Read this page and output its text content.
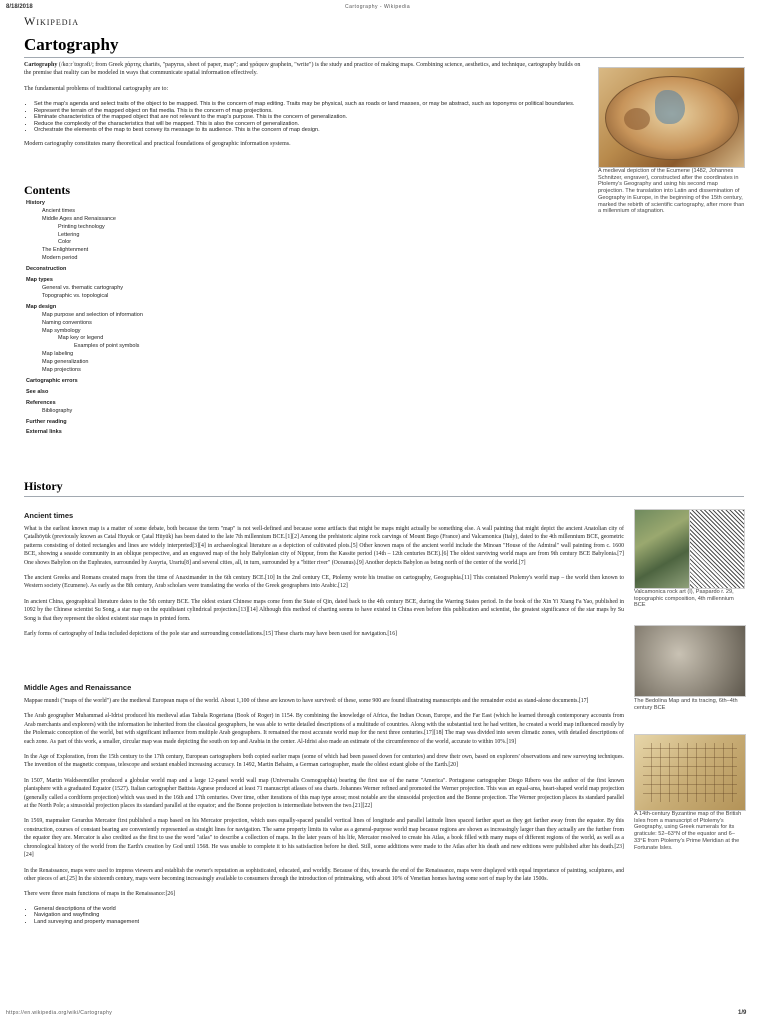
8/18/2018	Cartography - Wikipedia
Wikipedia
Cartography

Cartography (/kɑːrˈtɒɡrəfi/; from Greek χάρτης chartēs, "papyrus, sheet of paper, map"; and γράφειν graphein, "write") is the study and practice of making maps. Combining science, aesthetics, and technique, cartography builds on the premise that reality can be modeled in ways that communicate spatial information effectively.

The fundamental problems of traditional cartography are to:

• Set the map's agenda and select traits of the object to be mapped. This is the concern of map editing. Traits may be physical, such as roads or land masses, or may be abstract, such as toponyms or political boundaries.
• Represent the terrain of the mapped object on flat media. This is the concern of map projections.
• Eliminate characteristics of the mapped object that are not relevant to the map's purpose. This is the concern of generalization.
• Reduce the complexity of the characteristics that will be mapped. This is also the concern of generalization.
• Orchestrate the elements of the map to best convey its message to its audience. This is the concern of map design.

Modern cartography constitutes many theoretical and practical foundations of geographic information systems.

A medieval depiction of the Ecumene (1482, Johannes Schnitzer, engraver), constructed after the coordinates in Ptolemy's Geography and using his second map projection. The translation into Latin and dissemination of Geography in Europe, in the beginning of the 15th century, marked the rebirth of scientific cartography, after more than a millennium of stagnation.
Contents
History
Ancient times
Middle Ages and Renaissance
Printing technology
Lettering
Color
The Enlightenment
Modern period
Deconstruction
Map types
General vs. thematic cartography
Topographic vs. topological
Map design
Map purpose and selection of information
Naming conventions
Map symbology
Map key or legend
Examples of point symbols
Map labeling
Map generalization
Map projections
Cartographic errors
See also
References
Bibliography
Further reading
External links
History
Ancient times

What is the earliest known map is a matter of some debate, both because the term "map" is not well-defined and because some artifacts that might be maps might actually be something else. A wall painting that might depict the ancient Anatolian city of Çatalhöyük (previously known as Catal Huyuk or Çatal Hüyük) has been dated to the late 7th millennium BCE.[1][2] Among the prehistoric alpine rock carvings of Mount Bego (France) and Valcamonica (Italy), dated to the 4th millennium BCE, geometric patterns consisting of dotted rectangles and lines are widely interpreted[3][4] in archaeological literature as a depiction of cultivated plots.[5] Other known maps of the ancient world include the Minoan "House of the Admiral" wall painting from c. 1600 BCE, showing a seaside community in an oblique perspective, and an engraved map of the holy Babylonian city of Nippur, from the Kassite period (14th – 12th centuries BCE).[6] The oldest surviving world maps are from 9th century BCE Babylonia.[7] One shows Babylon on the Euphrates, surrounded by Assyria, Urartu[8] and several cities, all, in turn, surrounded by a "bitter river" (Oceanus).[9] Another depicts Babylon as being north of the center of the world.[7]

The ancient Greeks and Romans created maps from the time of Anaximander in the 6th century BCE.[10] In the 2nd century CE, Ptolemy wrote his treatise on cartography, Geographia.[11] This contained Ptolemy's world map – the world then known to Western society (Ecumene). As early as the 8th century, Arab scholars were translating the works of the Greek geographers into Arabic.[12]

In ancient China, geographical literature dates to the 5th century BCE. The oldest extant Chinese maps come from the State of Qin, dated back to the 4th century BCE, during the Warring States period. In the book of the Xin Yi Xiang Fa Yao, published in 1092 by the Chinese scientist Su Song, a star map on the equidistant cylindrical projection.[13][14] Although this method of charting seems to have existed in China even before this publication and scientist, the greatest significance of the star maps by Su Song is that they represent the oldest existent star maps in printed form.

Early forms of cartography of India included depictions of the pole star and surrounding constellations.[15] These charts may have been used for navigation.[16]

Middle Ages and Renaissance

Mappae mundi ("maps of the world") are the medieval European maps of the world. About 1,100 of these are known to have survived: of these, some 900 are found illustrating manuscripts and the remainder exist as stand-alone documents.[17]

The Arab geographer Muhammad al-Idrisi produced his medieval atlas Tabula Rogeriana (Book of Roger) in 1154. By combining the knowledge of Africa, the Indian Ocean, Europe, and the Far East (which he learned through contemporary accounts from Arab merchants and explorers) with the information he inherited from the classical geographers, he was able to write detailed descriptions of a multitude of countries. Along with the substantial text he had written, he created a world map influenced mostly by the Ptolemaic conception of the world, but with significant influence from multiple Arab geographers. It remained the most accurate world map for the next three centuries.[17][18] The map was divided into seven climatic zones, with detailed descriptions of each zone. As part of this work, a smaller, circular map was made depicting the south on top and Arabia in the center. Al-Idrisi also made an estimate of the circumference of the world, accurate to within 10%.[19]

In the Age of Exploration, from the 15th century to the 17th century, European cartographers both copied earlier maps (some of which had been passed down for centuries) and drew their own, based on explorers' observations and new surveying techniques. The invention of the magnetic compass, telescope and sextant enabled increasing accuracy. In 1492, Martin Behaim, a German cartographer, made the oldest extant globe of the Earth.[20]

In 1507, Martin Waldseemüller produced a globular world map and a large 12-panel world wall map (Universalis Cosmographia) bearing the first use of the name "America". Portuguese cartographer Diego Ribero was the author of the first known planisphere with a graduated Equator (1527). Italian cartographer Battista Agnese produced at least 71 manuscript atlases of sea charts. Johannes Werner refined and promoted the Werner projection. This was an equal-area, heart-shaped world map projection (generally called a cordiform projection) which was used in the 16th and 17th centuries. Over time, other iterations of this map type arose; most notable are the sinusoidal projection and the Bonne projection. The Werner projection places its standard parallel at the North Pole; a sinusoidal projection places its standard parallel at the equator; and the Bonne projection is intermediate between the two.[21][22]

In 1569, mapmaker Gerardus Mercator first published a map based on his Mercator projection, which uses equally-spaced parallel vertical lines of longitude and parallel latitude lines spaced farther apart as they get farther away from the equator. By this construction, courses of constant bearing are conveniently represented as straight lines for navigation. The same property limits its value as a general-purpose world map because regions are shown as increasingly larger than they actually are the further from the equator they are. Mercator is also credited as the first to use the word "atlas" to describe a collection of maps. In the later years of his life, Mercator resolved to create his Atlas, a book filled with many maps of different regions of the world, as well as a chronological history of the world from the Earth's creation by God until 1568. He was unable to complete it to his satisfaction before he died. Still, some additions were made to the Atlas after his death and new editions were published after his death.[23][24]

In the Renaissance, maps were used to impress viewers and establish the owner's reputation as sophisticated, educated, and worldly. Because of this, towards the end of the Renaissance, maps were displayed with equal importance of painting, sculptures, and other pieces of art.[25] In the sixteenth century, maps were becoming increasingly available to consumers through the introduction of printmaking, with about 10% of Venetian homes having some sort of map by the late 1500s.

There were three main functions of maps in the Renaissance:[26]

• General descriptions of the world
• Navigation and wayfinding
• Land surveying and property management
Valcamonica rock art (I), Paspardo r. 29, topographic composition, 4th millennium BCE
The Bedolina Map and its tracing, 6th–4th century BCE
A 14th-century Byzantine map of the British Isles from a manuscript of Ptolemy's Geography, using Greek numerals for its graticule: 52–63°N of the equator and 6–33°E from Ptolemy's Prime Meridian at the Fortunate Isles.
https://en.wikipedia.org/wiki/Cartography	1/9
